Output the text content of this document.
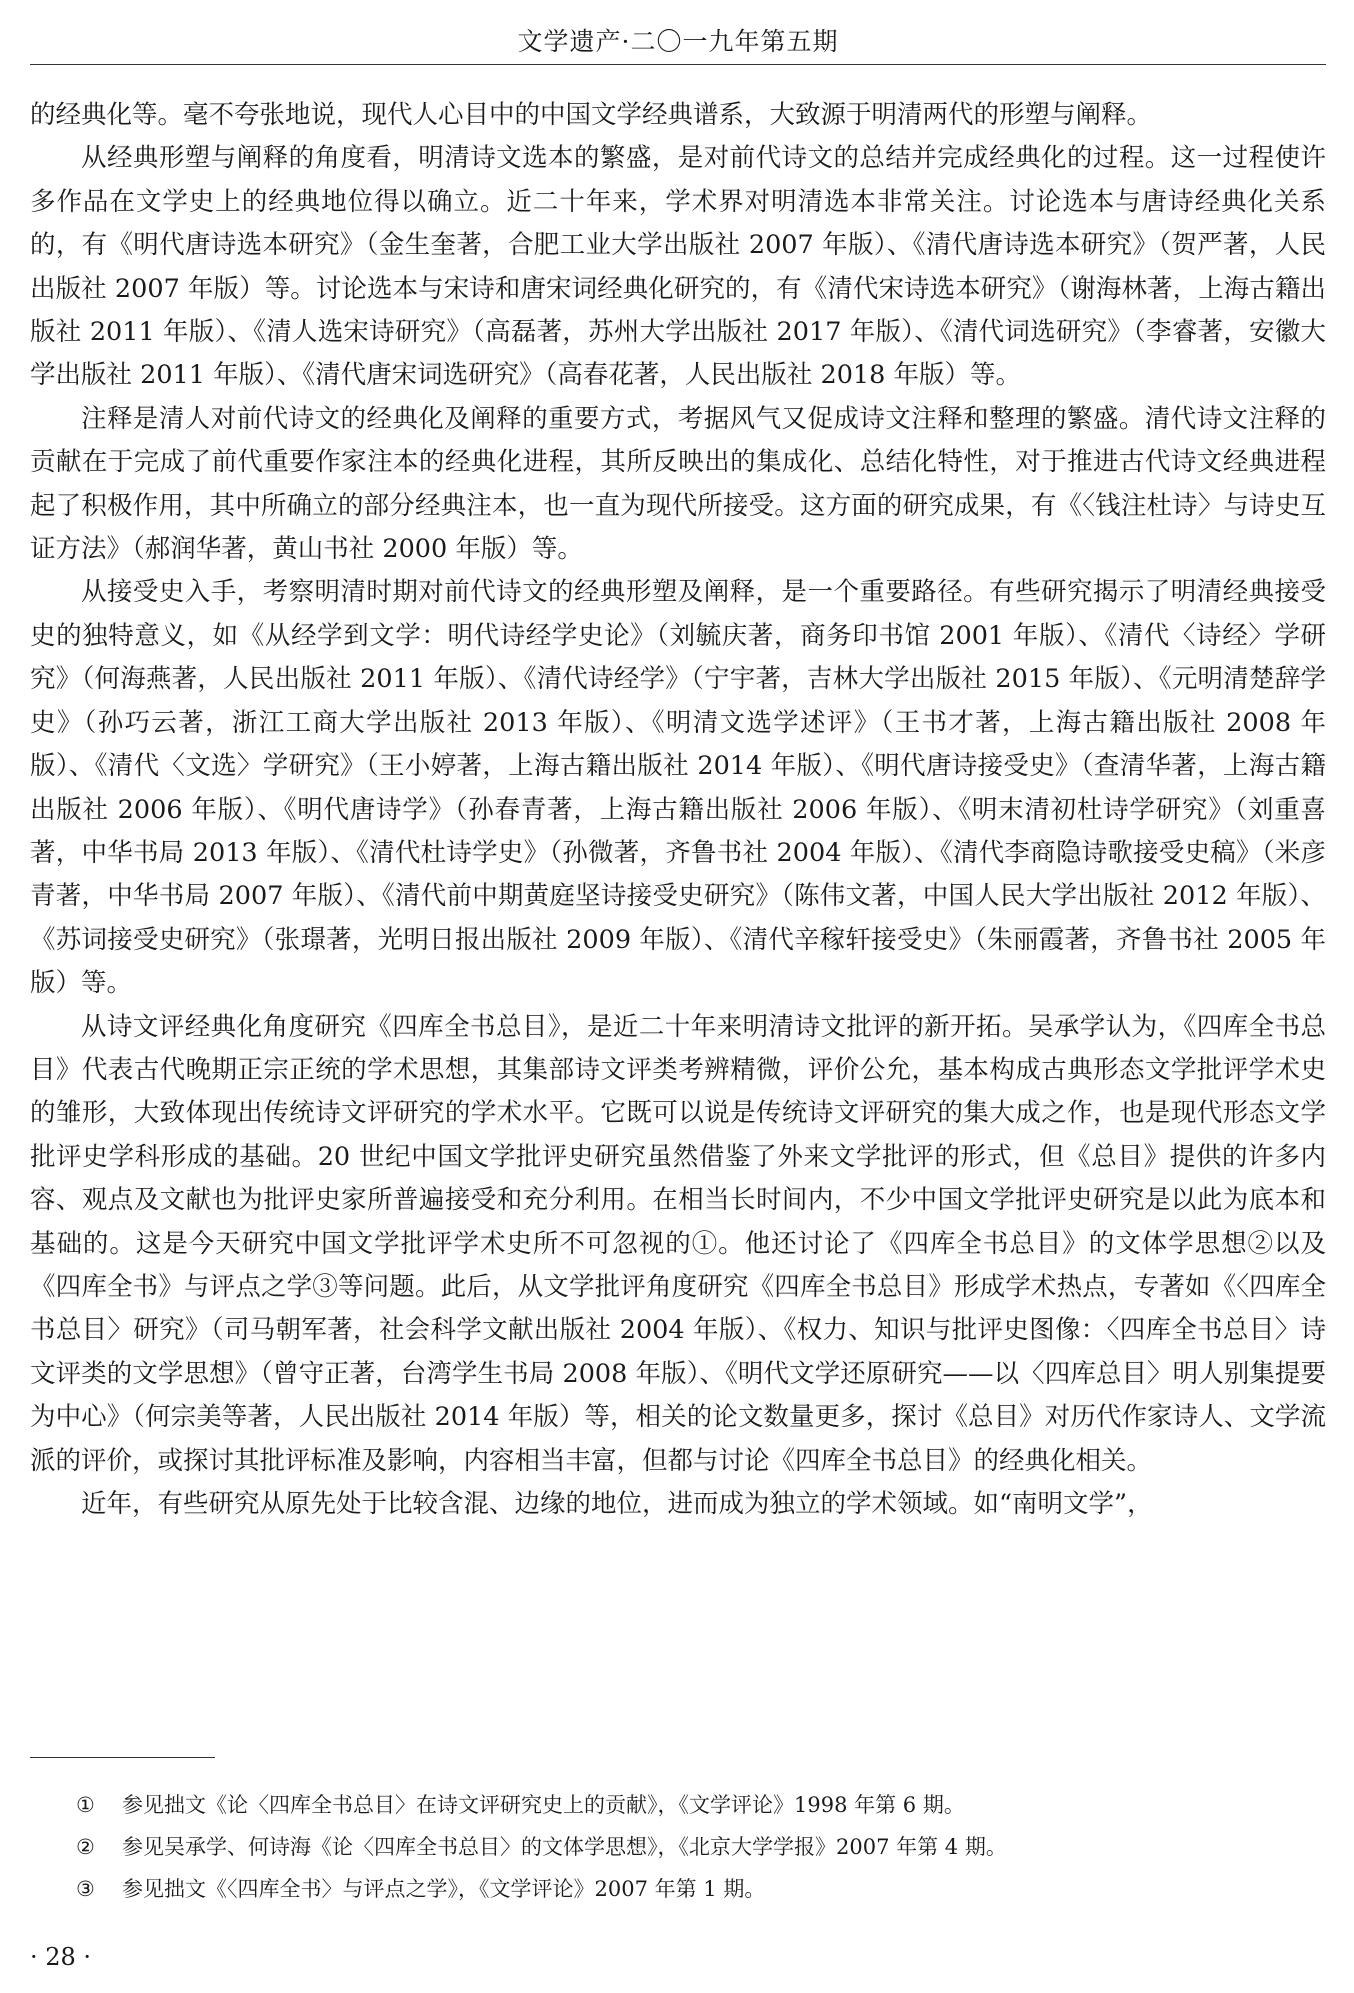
文学遗产·二〇一九年第五期

的经典化等。毫不夸张地说，现代人心目中的中国文学经典谱系，大致源于明清两代的形塑与阐释。

从经典形塑与阐释的角度看，明清诗文选本的繁盛，是对前代诗文的总结并完成经典化的过程。这一过程使许多作品在文学史上的经典地位得以确立。近二十年来，学术界对明清选本非常关注。讨论选本与唐诗经典化关系的，有《明代唐诗选本研究》（金生奎著，合肥工业大学出版社 2007 年版）、《清代唐诗选本研究》（贺严著，人民出版社 2007 年版）等。讨论选本与宋诗和唐宋词经典化研究的，有《清代宋诗选本研究》（谢海林著，上海古籍出版社 2011 年版）、《清人选宋诗研究》（高磊著，苏州大学出版社 2017 年版）、《清代词选研究》（李睿著，安徽大学出版社 2011 年版）、《清代唐宋词选研究》（高春花著，人民出版社 2018 年版）等。

注释是清人对前代诗文的经典化及阐释的重要方式，考据风气又促成诗文注释和整理的繁盛。清代诗文注释的贡献在于完成了前代重要作家注本的经典化进程，其所反映出的集成化、总结化特性，对于推进古代诗文经典进程起了积极作用，其中所确立的部分经典注本，也一直为现代所接受。这方面的研究成果，有《〈钱注杜诗〉与诗史互证方法》（郝润华著，黄山书社 2000 年版）等。

从接受史入手，考察明清时期对前代诗文的经典形塑及阐释，是一个重要路径。有些研究揭示了明清经典接受史的独特意义，如《从经学到文学：明代诗经学史论》（刘毓庆著，商务印书馆 2001 年版）、《清代〈诗经〉学研究》（何海燕著，人民出版社 2011 年版）、《清代诗经学》（宁宇著，吉林大学出版社 2015 年版）、《元明清楚辞学史》（孙巧云著，浙江工商大学出版社 2013 年版）、《明清文选学述评》（王书才著，上海古籍出版社 2008 年版）、《清代〈文选〉学研究》（王小婷著，上海古籍出版社 2014 年版）、《明代唐诗接受史》（查清华著，上海古籍出版社 2006 年版）、《明代唐诗学》（孙春青著，上海古籍出版社 2006 年版）、《明末清初杜诗学研究》（刘重喜著，中华书局 2013 年版）、《清代杜诗学史》（孙微著，齐鲁书社 2004 年版）、《清代李商隐诗歌接受史稿》（米彦青著，中华书局 2007 年版）、《清代前中期黄庭坚诗接受史研究》（陈伟文著，中国人民大学出版社 2012 年版）、《苏词接受史研究》（张璟著，光明日报出版社 2009 年版）、《清代辛稼轩接受史》（朱丽霞著，齐鲁书社 2005 年版）等。

从诗文评经典化角度研究《四库全书总目》，是近二十年来明清诗文批评的新开拓。吴承学认为，《四库全书总目》代表古代晚期正宗正统的学术思想，其集部诗文评类考辨精微，评价公允，基本构成古典形态文学批评学术史的雏形，大致体现出传统诗文评研究的学术水平。它既可以说是传统诗文评研究的集大成之作，也是现代形态文学批评史学科形成的基础。20 世纪中国文学批评史研究虽然借鉴了外来文学批评的形式，但《总目》提供的许多内容、观点及文献也为批评史家所普遍接受和充分利用。在相当长时间内，不少中国文学批评史研究是以此为底本和基础的。这是今天研究中国文学批评学术史所不可忽视的①。他还讨论了《四库全书总目》的文体学思想②以及《四库全书》与评点之学③等问题。此后，从文学批评角度研究《四库全书总目》形成学术热点，专著如《〈四库全书总目〉研究》（司马朝军著，社会科学文献出版社 2004 年版）、《权力、知识与批评史图像：〈四库全书总目〉诗文评类的文学思想》（曾守正著，台湾学生书局 2008 年版）、《明代文学还原研究——以〈四库总目〉明人别集提要为中心》（何宗美等著，人民出版社 2014 年版）等，相关的论文数量更多，探讨《总目》对历代作家诗人、文学流派的评价，或探讨其批评标准及影响，内容相当丰富，但都与讨论《四库全书总目》的经典化相关。

近年，有些研究从原先处于比较含混、边缘的地位，进而成为独立的学术领域。如“南明文学”，

①	参见拙文《论〈四库全书总目〉在诗文评研究史上的贡献》，《文学评论》1998 年第 6 期。
②	参见吴承学、何诗海《论〈四库全书总目〉的文体学思想》，《北京大学学报》2007 年第 4 期。
③	参见拙文《〈四库全书〉与评点之学》，《文学评论》2007 年第 1 期。
· 28 ·
